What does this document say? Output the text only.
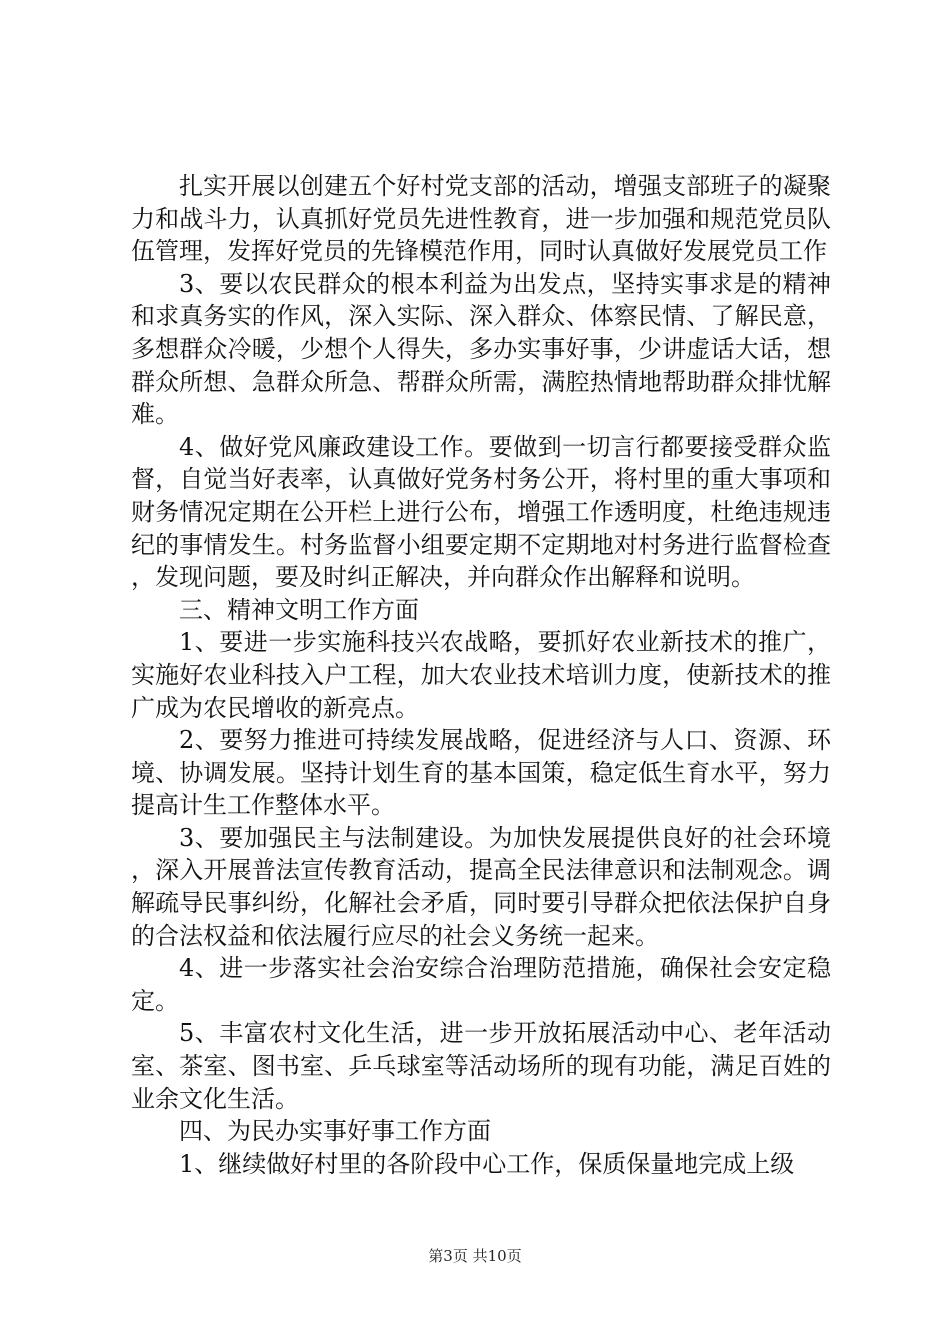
扎实开展以创建五个好村党支部的活动，增强支部班子的凝聚力和战斗力，认真抓好党员先进性教育，进一步加强和规范党员队伍管理，发挥好党员的先锋模范作用，同时认真做好发展党员工作

3、要以农民群众的根本利益为出发点，坚持实事求是的精神和求真务实的作风，深入实际、深入群众、体察民情、了解民意，多想群众冷暖，少想个人得失，多办实事好事，少讲虚话大话，想群众所想、急群众所急、帮群众所需，满腔热情地帮助群众排忧解难。

4、做好党风廉政建设工作。要做到一切言行都要接受群众监督，自觉当好表率，认真做好党务村务公开，将村里的重大事项和财务情况定期在公开栏上进行公布，增强工作透明度，杜绝违规违纪的事情发生。村务监督小组要定期不定期地对村务进行监督检查，发现问题，要及时纠正解决，并向群众作出解释和说明。

三、精神文明工作方面

1、要进一步实施科技兴农战略，要抓好农业新技术的推广，实施好农业科技入户工程，加大农业技术培训力度，使新技术的推广成为农民增收的新亮点。

2、要努力推进可持续发展战略，促进经济与人口、资源、环境、协调发展。坚持计划生育的基本国策，稳定低生育水平，努力提高计生工作整体水平。

3、要加强民主与法制建设。为加快发展提供良好的社会环境，深入开展普法宣传教育活动，提高全民法律意识和法制观念。调解疏导民事纠纷，化解社会矛盾，同时要引导群众把依法保护自身的合法权益和依法履行应尽的社会义务统一起来。

4、进一步落实社会治安综合治理防范措施，确保社会安定稳定。

5、丰富农村文化生活，进一步开放拓展活动中心、老年活动室、茶室、图书室、乒乓球室等活动场所的现有功能，满足百姓的业余文化生活。

四、为民办实事好事工作方面

1、继续做好村里的各阶段中心工作，保质保量地完成上级

第3页 共10页
